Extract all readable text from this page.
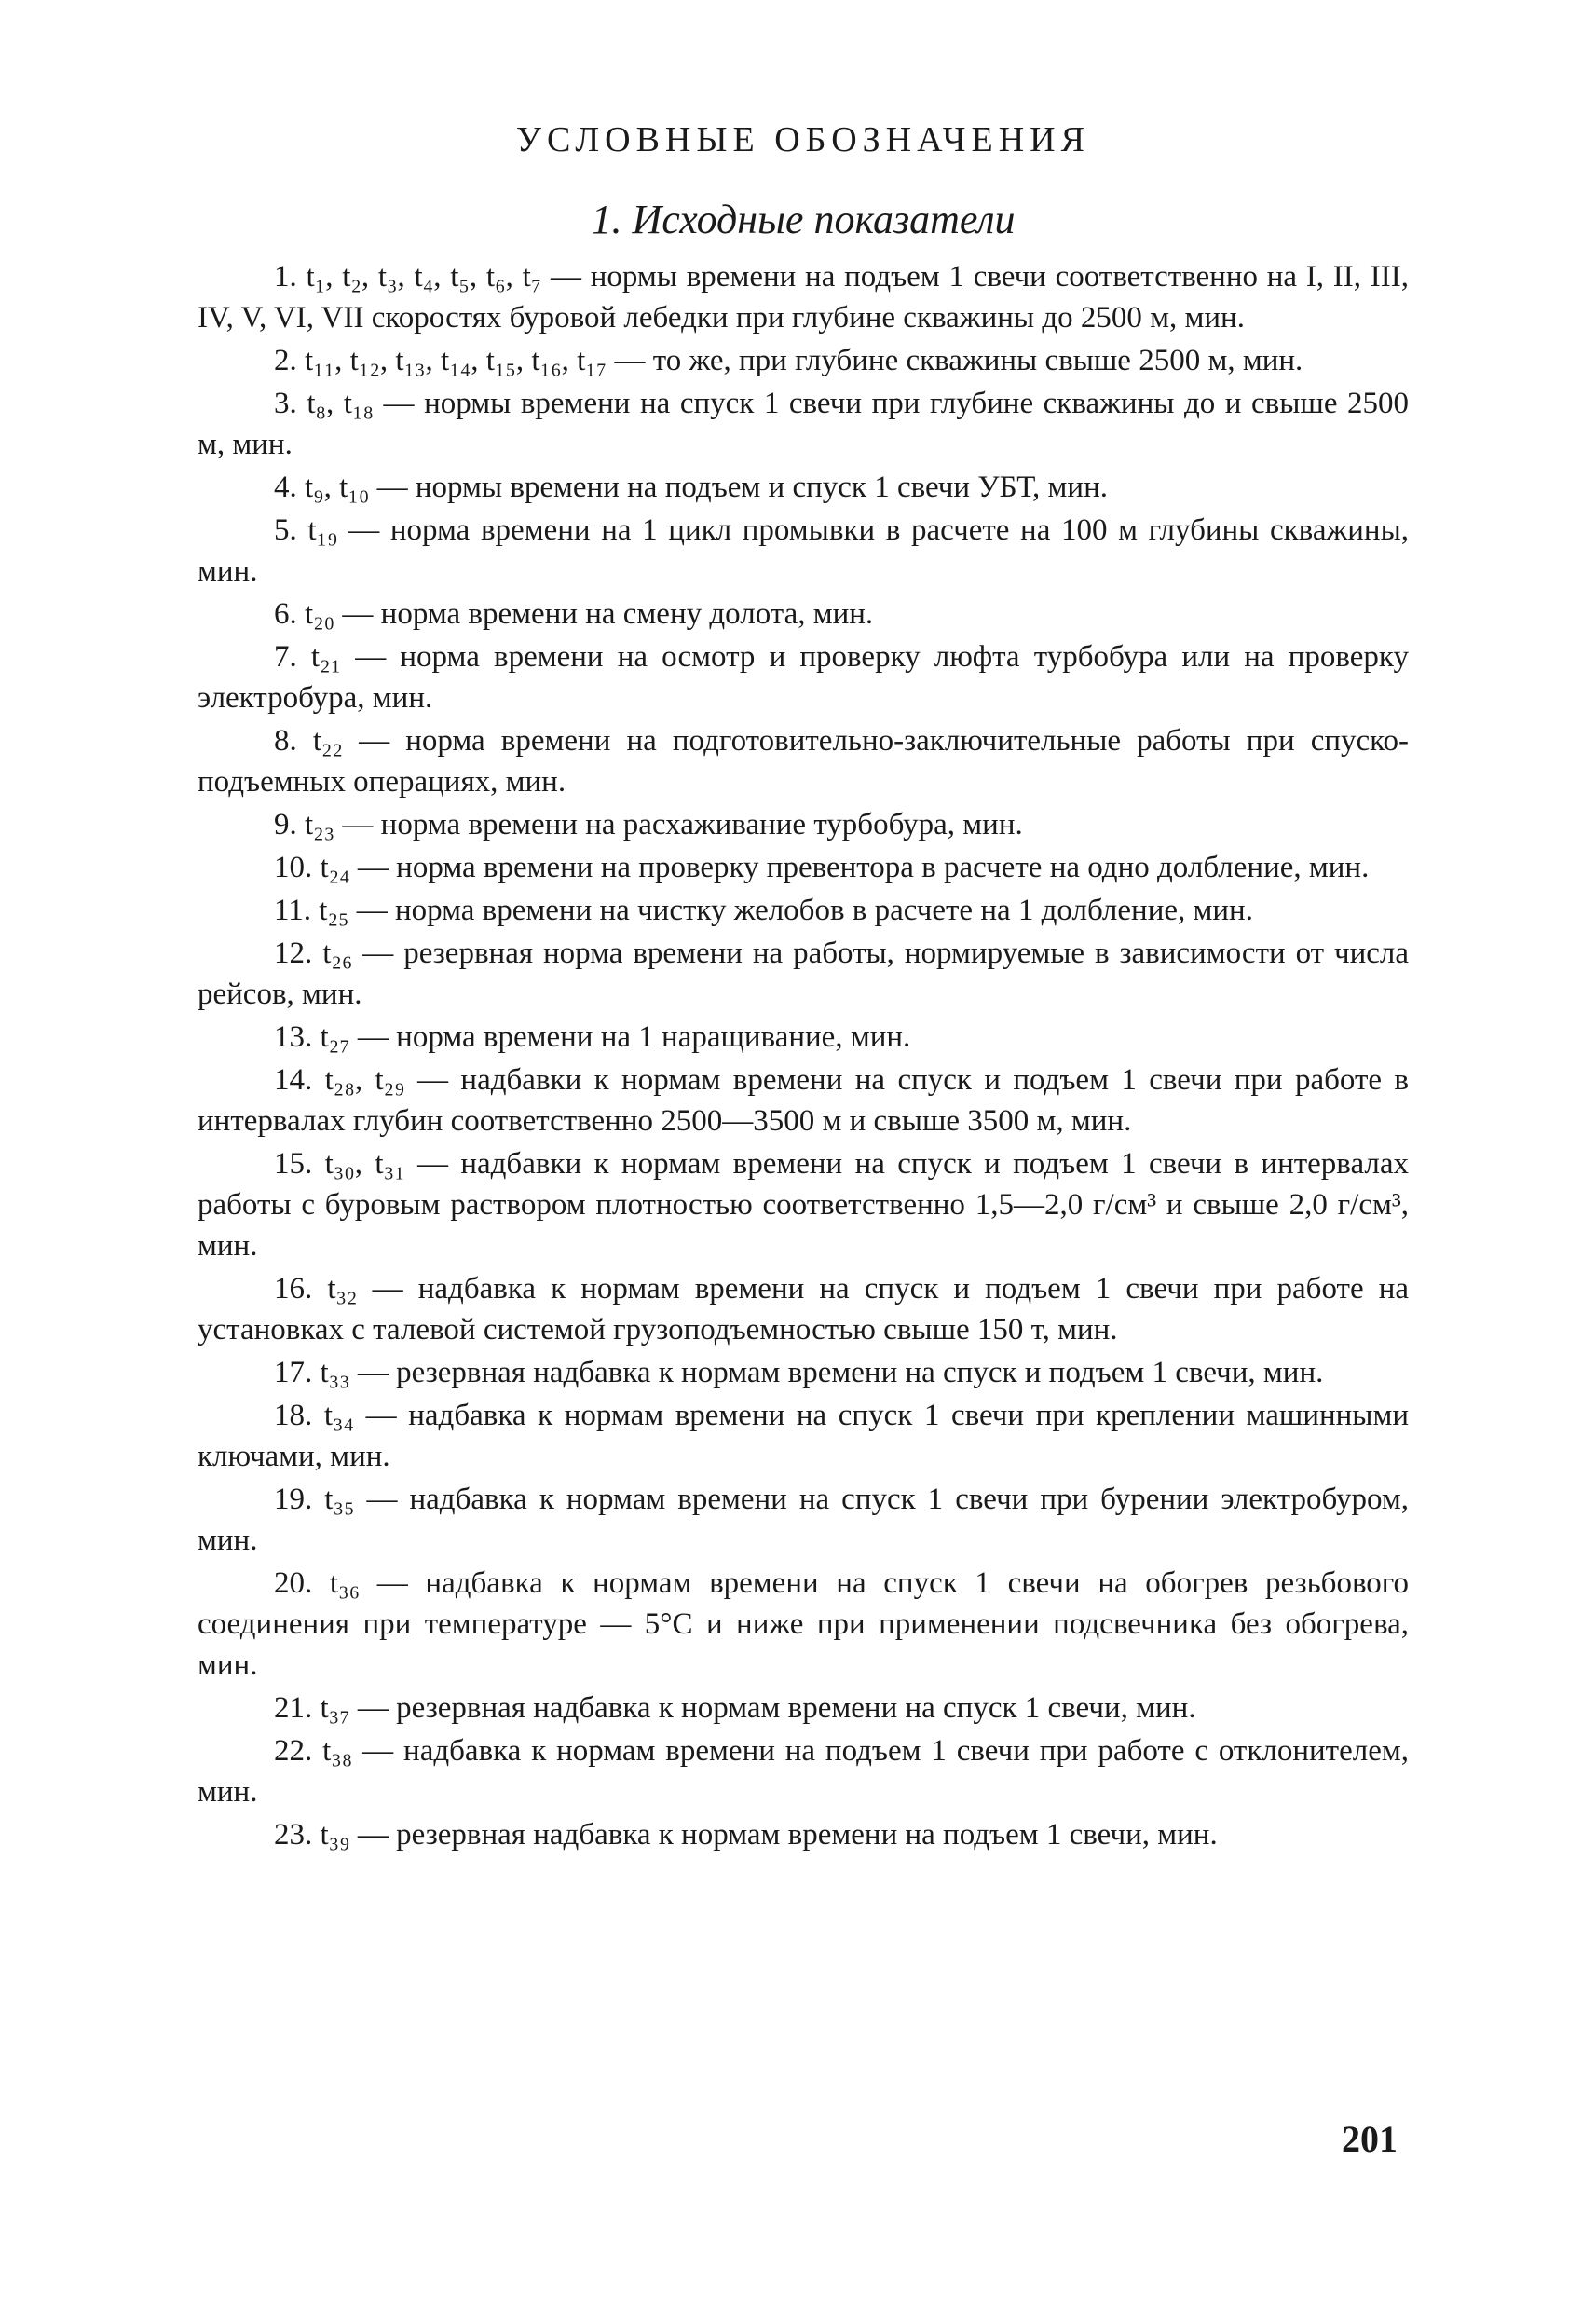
УСЛОВНЫЕ ОБОЗНАЧЕНИЯ
1. Исходные показатели

1. t₁, t₂, t₃, t₄, t₅, t₆, t₇ — нормы времени на подъем 1 свечи соответственно на I, II, III, IV, V, VI, VII скоростях буровой лебедки при глубине скважины до 2500 м, мин.

2. t₁₁, t₁₂, t₁₃, t₁₄, t₁₅, t₁₆, t₁₇ — то же, при глубине скважины свыше 2500 м, мин.

3. t₈, t₁₈ — нормы времени на спуск 1 свечи при глубине скважины до и свыше 2500 м, мин.

4. t₉, t₁₀ — нормы времени на подъем и спуск 1 свечи УБТ, мин.

5. t₁₉ — норма времени на 1 цикл промывки в расчете на 100 м глубины скважины, мин.

6. t₂₀ — норма времени на смену долота, мин.

7. t₂₁ — норма времени на осмотр и проверку люфта турбобура или на проверку электробура, мин.

8. t₂₂ — норма времени на подготовительно-заключительные работы при спуско-подъемных операциях, мин.

9. t₂₃ — норма времени на расхаживание турбобура, мин.

10. t₂₄ — норма времени на проверку превентора в расчете на одно долбление, мин.

11. t₂₅ — норма времени на чистку желобов в расчете на 1 долбление, мин.

12. t₂₆ — резервная норма времени на работы, нормируемые в зависимости от числа рейсов, мин.

13. t₂₇ — норма времени на 1 наращивание, мин.

14. t₂₈, t₂₉ — надбавки к нормам времени на спуск и подъем 1 свечи при работе в интервалах глубин соответственно 2500—3500 м и свыше 3500 м, мин.

15. t₃₀, t₃₁ — надбавки к нормам времени на спуск и подъем 1 свечи в интервалах работы с буровым раствором плотностью соответственно 1,5—2,0 г/см³ и свыше 2,0 г/см³, мин.

16. t₃₂ — надбавка к нормам времени на спуск и подъем 1 свечи при работе на установках с талевой системой грузоподъемностью свыше 150 т, мин.

17. t₃₃ — резервная надбавка к нормам времени на спуск и подъем 1 свечи, мин.

18. t₃₄ — надбавка к нормам времени на спуск 1 свечи при креплении машинными ключами, мин.

19. t₃₅ — надбавка к нормам времени на спуск 1 свечи при бурении электробуром, мин.

20. t₃₆ — надбавка к нормам времени на спуск 1 свечи на обогрев резьбового соединения при температуре — 5°С и ниже при применении подсвечника без обогрева, мин.

21. t₃₇ — резервная надбавка к нормам времени на спуск 1 свечи, мин.

22. t₃₈ — надбавка к нормам времени на подъем 1 свечи при работе с отклонителем, мин.

23. t₃₉ — резервная надбавка к нормам времени на подъем 1 свечи, мин.

201
